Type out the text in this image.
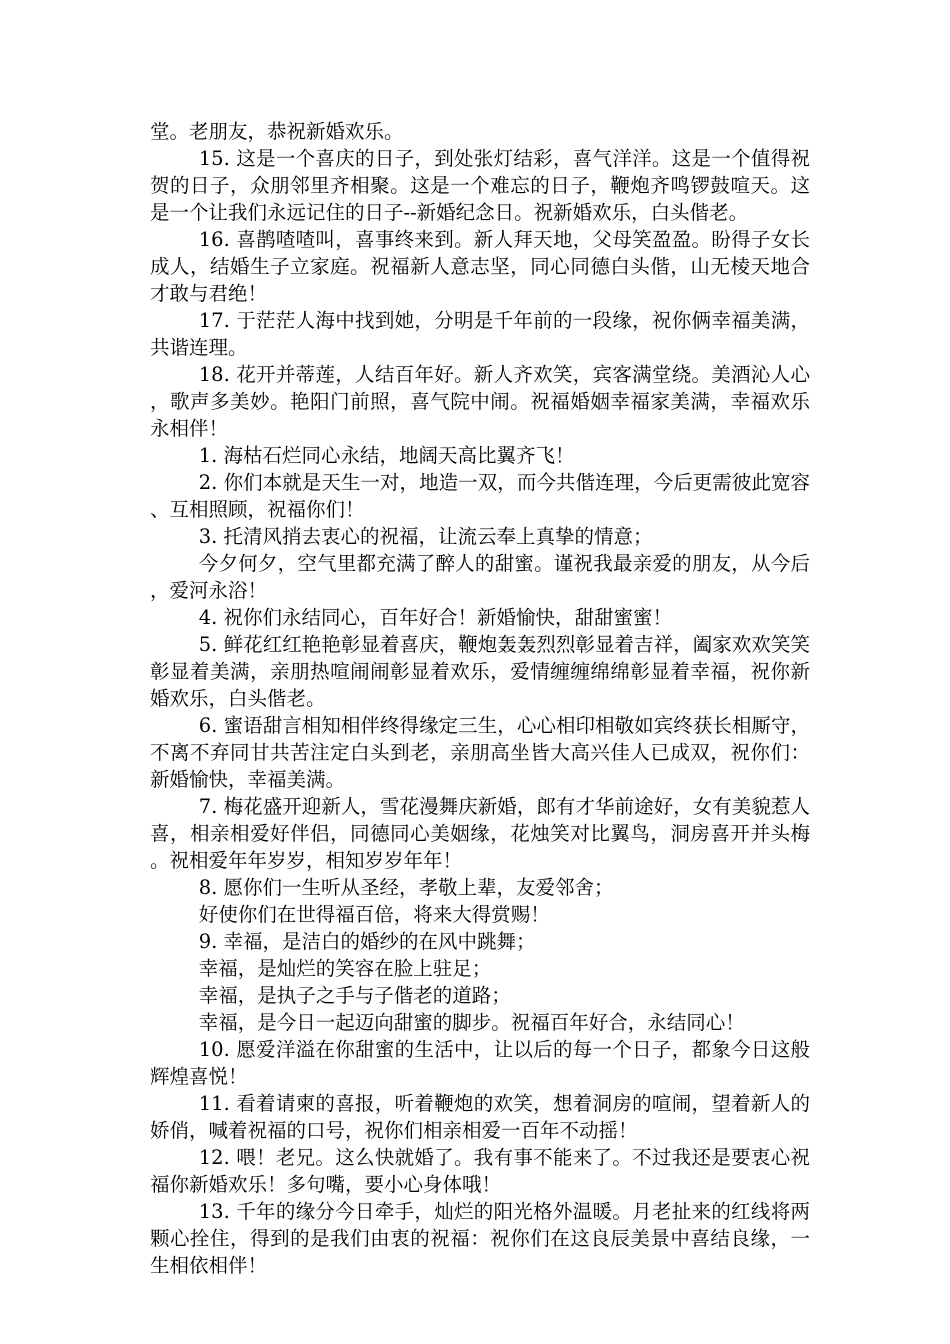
堂。老朋友，恭祝新婚欢乐。

15. 这是一个喜庆的日子，到处张灯结彩，喜气洋洋。这是一个值得祝贺的日子，众朋邻里齐相聚。这是一个难忘的日子，鞭炮齐鸣锣鼓喧天。这是一个让我们永远记住的日子--新婚纪念日。祝新婚欢乐，白头偕老。

16. 喜鹊喳喳叫，喜事终来到。新人拜天地，父母笑盈盈。盼得子女长成人，结婚生子立家庭。祝福新人意志坚，同心同德白头偕，山无棱天地合才敢与君绝！

17. 于茫茫人海中找到她，分明是千年前的一段缘，祝你俩幸福美满，共谐连理。

18. 花开并蒂莲，人结百年好。新人齐欢笑，宾客满堂绕。美酒沁人心，歌声多美妙。艳阳门前照，喜气院中闹。祝福婚姻幸福家美满，幸福欢乐永相伴！

1. 海枯石烂同心永结，地阔天高比翼齐飞！

2. 你们本就是天生一对，地造一双，而今共偕连理，今后更需彼此宽容、互相照顾，祝福你们！

3. 托清风捎去衷心的祝福，让流云奉上真挚的情意；

今夕何夕，空气里都充满了醉人的甜蜜。谨祝我最亲爱的朋友，从今后，爱河永浴！

4. 祝你们永结同心，百年好合！新婚愉快，甜甜蜜蜜！

5. 鲜花红红艳艳彰显着喜庆，鞭炮轰轰烈烈彰显着吉祥，阖家欢欢笑笑彰显着美满，亲朋热喧闹闹彰显着欢乐，爱情缠缠绵绵彰显着幸福，祝你新婚欢乐，白头偕老。

6. 蜜语甜言相知相伴终得缘定三生，心心相印相敬如宾终获长相厮守，不离不弃同甘共苦注定白头到老，亲朋高坐皆大高兴佳人已成双，祝你们：新婚愉快，幸福美满。

7. 梅花盛开迎新人，雪花漫舞庆新婚，郎有才华前途好，女有美貌惹人喜，相亲相爱好伴侣，同德同心美姻缘，花烛笑对比翼鸟，洞房喜开并头梅。祝相爱年年岁岁，相知岁岁年年！

8. 愿你们一生听从圣经，孝敬上辈，友爱邻舍；

好使你们在世得福百倍，将来大得赏赐！

9. 幸福，是洁白的婚纱的在风中跳舞；

幸福，是灿烂的笑容在脸上驻足；

幸福，是执子之手与子偕老的道路；

幸福，是今日一起迈向甜蜜的脚步。祝福百年好合，永结同心！

10. 愿爱洋溢在你甜蜜的生活中，让以后的每一个日子，都象今日这般辉煌喜悦！

11. 看着请柬的喜报，听着鞭炮的欢笑，想着洞房的喧闹，望着新人的娇俏，喊着祝福的口号，祝你们相亲相爱一百年不动摇！

12. 喂！老兄。这么快就婚了。我有事不能来了。不过我还是要衷心祝福你新婚欢乐！多句嘴，要小心身体哦！

13. 千年的缘分今日牵手，灿烂的阳光格外温暖。月老扯来的红线将两颗心拴住，得到的是我们由衷的祝福：祝你们在这良辰美景中喜结良缘，一生相依相伴！
